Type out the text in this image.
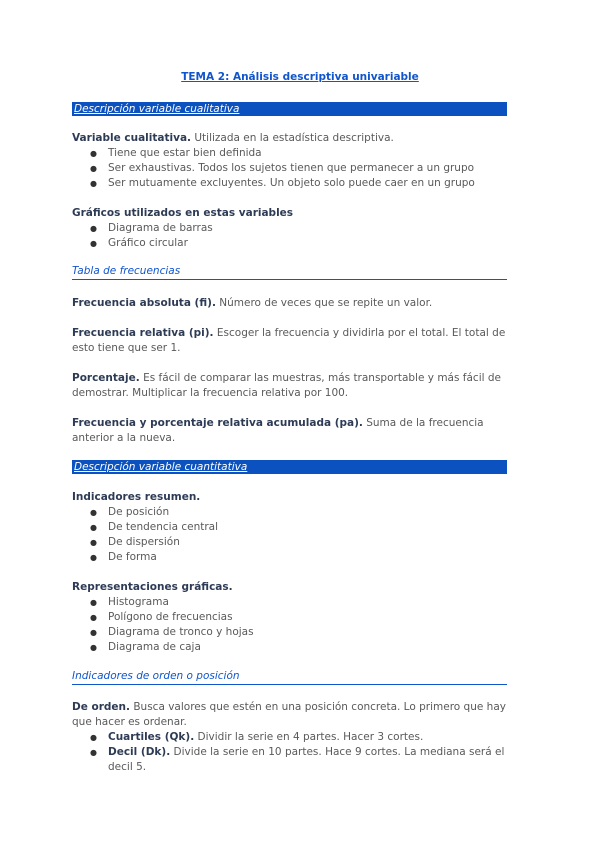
TEMA 2: Análisis descriptiva univariable
Descripción variable cualitativa
Variable cualitativa. Utilizada en la estadística descriptiva.
● Tiene que estar bien definida
● Ser exhaustivas. Todos los sujetos tienen que permanecer a un grupo
● Ser mutuamente excluyentes. Un objeto solo puede caer en un grupo
Gráficos utilizados en estas variables
● Diagrama de barras
● Gráfico circular
Tabla de frecuencias
Frecuencia absoluta (fi). Número de veces que se repite un valor.
Frecuencia relativa (pi). Escoger la frecuencia y dividirla por el total. El total de esto tiene que ser 1.
Porcentaje. Es fácil de comparar las muestras, más transportable y más fácil de demostrar. Multiplicar la frecuencia relativa por 100.
Frecuencia y porcentaje relativa acumulada (pa). Suma de la frecuencia anterior a la nueva.
Descripción variable cuantitativa
Indicadores resumen.
● De posición
● De tendencia central
● De dispersión
● De forma
Representaciones gráficas.
● Histograma
● Polígono de frecuencias
● Diagrama de tronco y hojas
● Diagrama de caja
Indicadores de orden o posición
De orden. Busca valores que estén en una posición concreta. Lo primero que hay que hacer es ordenar.
● Cuartiles (Qk). Dividir la serie en 4 partes. Hacer 3 cortes.
● Decil (Dk). Divide la serie en 10 partes. Hace 9 cortes. La mediana será el decil 5.
